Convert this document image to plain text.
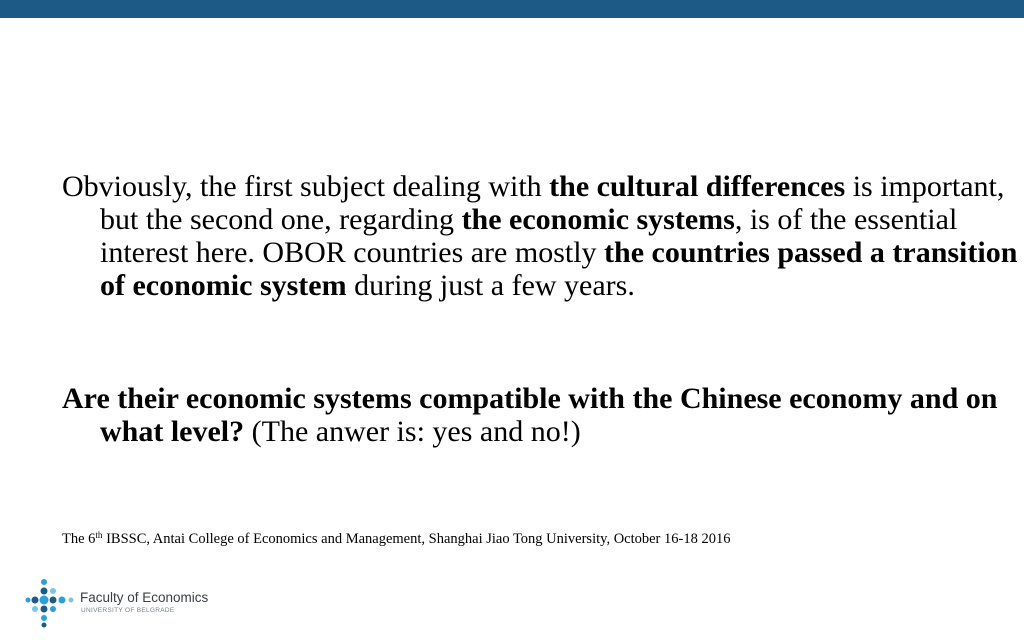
Obviously, the first subject dealing with the cultural differences is important, but the second one, regarding the economic systems, is of the essential interest here. OBOR countries are mostly the countries passed a transition of economic system during just a few years.

Are their economic systems compatible with the Chinese economy and on what level? (The anwer is: yes and no!)

The 6th IBSSC, Antai College of Economics and Management, Shanghai Jiao Tong University, October 16-18 2016
Faculty of Economics
UNIVERSITY OF BELGRADE
